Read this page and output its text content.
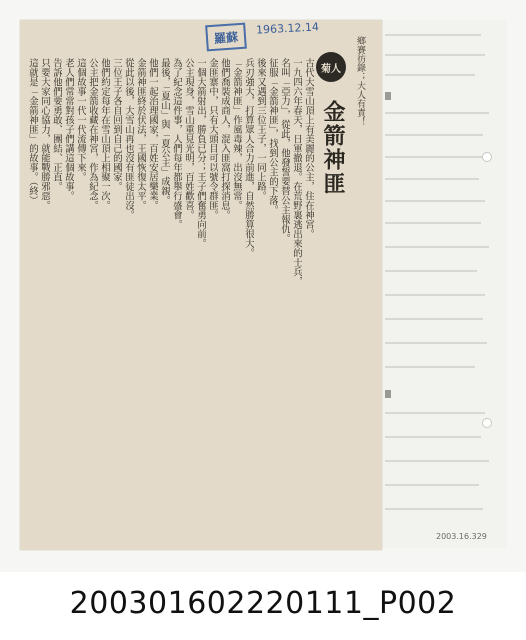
羅蘇
1963.12.14
鄉賽彷錄；大人有責！
菊人
金箭神匪
古代大雪山頂上有美麗的公主，住在神宮。
一九四六年春天，日軍撤退。在荒野裏逃出來的士兵，
名叫「亞力」，從此，他發誓要替公主報仇。
征服「金箭神匪」，找到公主的下落。
後來又遇到三位王子，一同上路。
兵刃強大，打算眾人合力前進，自然勝算很大。
「金箭神匪」作風毒辣，出沒無常。
他們喬裝成商人，混入匪窩打探消息。
金匪寨中，只有大頭目可以號令群匪。
一個大箭射出，勝負已分；王子們奮勇向前。
公主現身，雪山重見光明，百姓歡喜。
為了紀念這件事，人們每年都舉行盛會。
最後，「夏山」與「夏公主」成親。
他們一起治理國家，百姓安居樂業。
金箭神匪終於伏法，王國恢復太平。
從此以後，大雪山再也沒有匪徒出沒。
三位王子各自回到自己的國家。
他們約定每年在雪山頂上相聚一次。
公主把金箭收藏在神宮，作為紀念。
這個故事一代一代流傳下來。
老人們常常對孩子們講這個故事。
告訴他們要勇敢、團結、正直。
只要大家同心協力，就能戰勝邪惡。
這就是「金箭神匪」的故事。（終）
2003.16.329
200301602220111_P002
